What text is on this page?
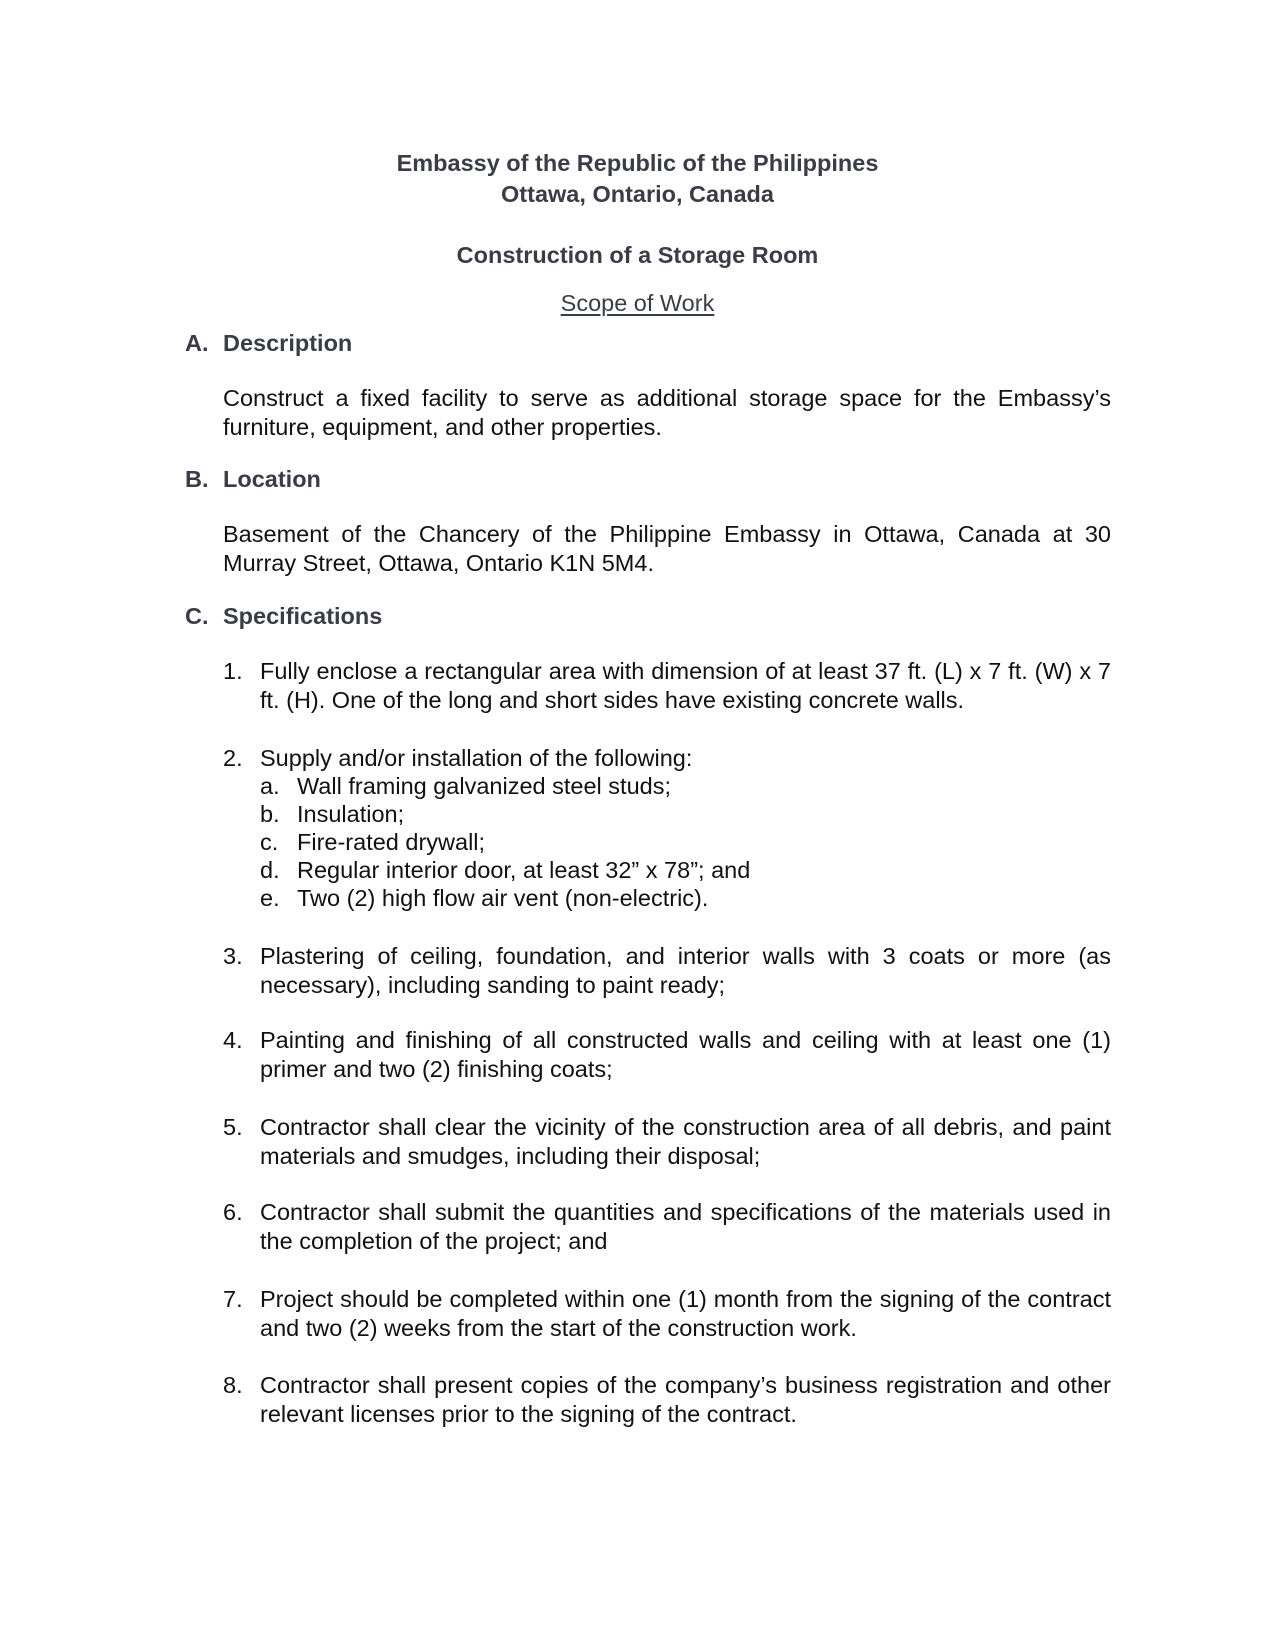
Embassy of the Republic of the Philippines
Ottawa, Ontario, Canada
Construction of a Storage Room
Scope of Work
A. Description
Construct a fixed facility to serve as additional storage space for the Embassy’s furniture, equipment, and other properties.
B. Location
Basement of the Chancery of the Philippine Embassy in Ottawa, Canada at 30 Murray Street, Ottawa, Ontario K1N 5M4.
C. Specifications
1. Fully enclose a rectangular area with dimension of at least 37 ft. (L) x 7 ft. (W) x 7 ft. (H). One of the long and short sides have existing concrete walls.
2. Supply and/or installation of the following:
a. Wall framing galvanized steel studs;
b. Insulation;
c. Fire-rated drywall;
d. Regular interior door, at least 32” x 78”; and
e. Two (2) high flow air vent (non-electric).
3. Plastering of ceiling, foundation, and interior walls with 3 coats or more (as necessary), including sanding to paint ready;
4. Painting and finishing of all constructed walls and ceiling with at least one (1) primer and two (2) finishing coats;
5. Contractor shall clear the vicinity of the construction area of all debris, and paint materials and smudges, including their disposal;
6. Contractor shall submit the quantities and specifications of the materials used in the completion of the project; and
7. Project should be completed within one (1) month from the signing of the contract and two (2) weeks from the start of the construction work.
8. Contractor shall present copies of the company’s business registration and other relevant licenses prior to the signing of the contract.
